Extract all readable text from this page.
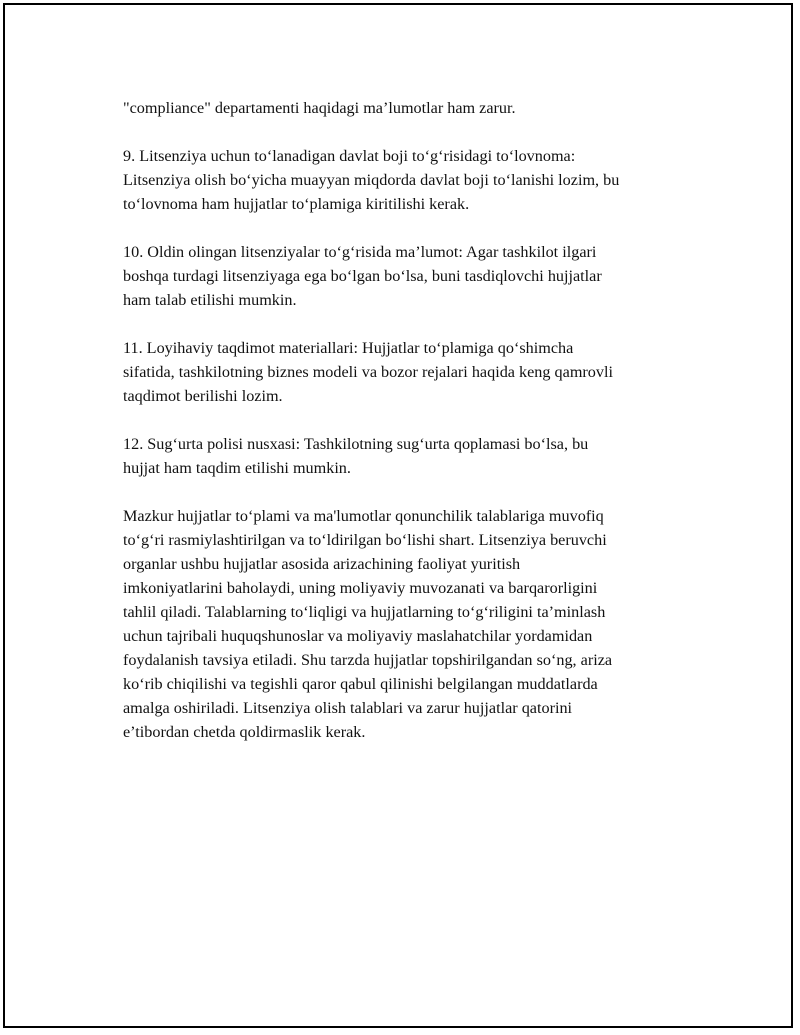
"compliance" departamenti haqidagi ma’lumotlar ham zarur.

9. Litsenziya uchun to‘lanadigan davlat boji to‘g‘risidagi to‘lovnoma:
Litsenziya olish bo‘yicha muayyan miqdorda davlat boji to‘lanishi lozim, bu
to‘lovnoma ham hujjatlar to‘plamiga kiritilishi kerak.

10. Oldin olingan litsenziyalar to‘g‘risida ma’lumot: Agar tashkilot ilgari
boshqa turdagi litsenziyaga ega bo‘lgan bo‘lsa, buni tasdiqlovchi hujjatlar
ham talab etilishi mumkin.

11. Loyihaviy taqdimot materiallari: Hujjatlar to‘plamiga qo‘shimcha
sifatida, tashkilotning biznes modeli va bozor rejalari haqida keng qamrovli
taqdimot berilishi lozim.

12. Sug‘urta polisi nusxasi: Tashkilotning sug‘urta qoplamasi bo‘lsa, bu
hujjat ham taqdim etilishi mumkin.

Mazkur hujjatlar to‘plami va ma'lumotlar qonunchilik talablariga muvofiq
to‘g‘ri rasmiylashtirilgan va to‘ldirilgan bo‘lishi shart. Litsenziya beruvchi
organlar ushbu hujjatlar asosida arizachining faoliyat yuritish
imkoniyatlarini baholaydi, uning moliyaviy muvozanati va barqarorligini
tahlil qiladi. Talablarning to‘liqligi va hujjatlarning to‘g‘riligini ta’minlash
uchun tajribali huquqshunoslar va moliyaviy maslahatchilar yordamidan
foydalanish tavsiya etiladi. Shu tarzda hujjatlar topshirilgandan so‘ng, ariza
ko‘rib chiqilishi va tegishli qaror qabul qilinishi belgilangan muddatlarda
amalga oshiriladi. Litsenziya olish talablari va zarur hujjatlar qatorini
e’tibordan chetda qoldirmaslik kerak.
